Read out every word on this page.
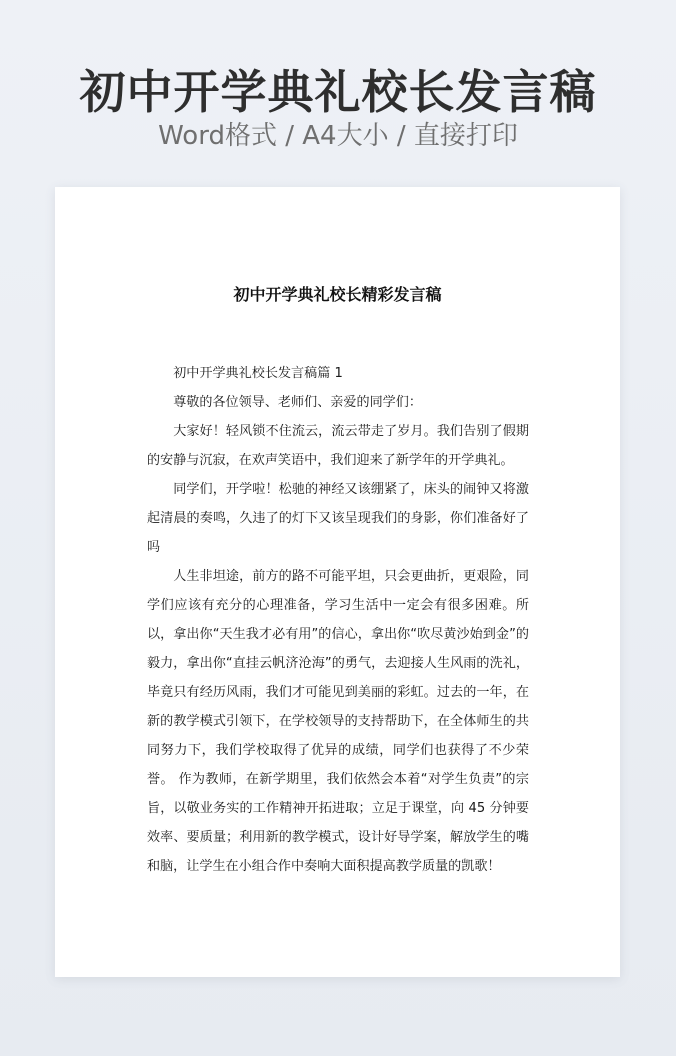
初中开学典礼校长发言稿
Word格式 / A4大小 / 直接打印
初中开学典礼校长精彩发言稿

初中开学典礼校长发言稿篇 1

尊敬的各位领导、老师们、亲爱的同学们：

大家好！轻风锁不住流云，流云带走了岁月。我们告别了假期的安静与沉寂，在欢声笑语中，我们迎来了新学年的开学典礼。

同学们，开学啦！松驰的神经又该绷紧了，床头的闹钟又将激起清晨的奏鸣，久违了的灯下又该呈现我们的身影，你们准备好了吗

人生非坦途，前方的路不可能平坦，只会更曲折，更艰险，同学们应该有充分的心理准备，学习生活中一定会有很多困难。所以，拿出你“天生我才必有用”的信心，拿出你“吹尽黄沙始到金”的毅力，拿出你“直挂云帆济沧海”的勇气，去迎接人生风雨的洗礼，毕竟只有经历风雨，我们才可能见到美丽的彩虹。过去的一年，在新的教学模式引领下，在学校领导的支持帮助下，在全体师生的共同努力下，我们学校取得了优异的成绩，同学们也获得了不少荣誉。 作为教师，在新学期里，我们依然会本着“对学生负责”的宗旨，以敬业务实的工作精神开拓进取；立足于课堂，向 45 分钟要效率、要质量；利用新的教学模式，设计好导学案，解放学生的嘴和脑，让学生在小组合作中奏响大面积提高教学质量的凯歌！
